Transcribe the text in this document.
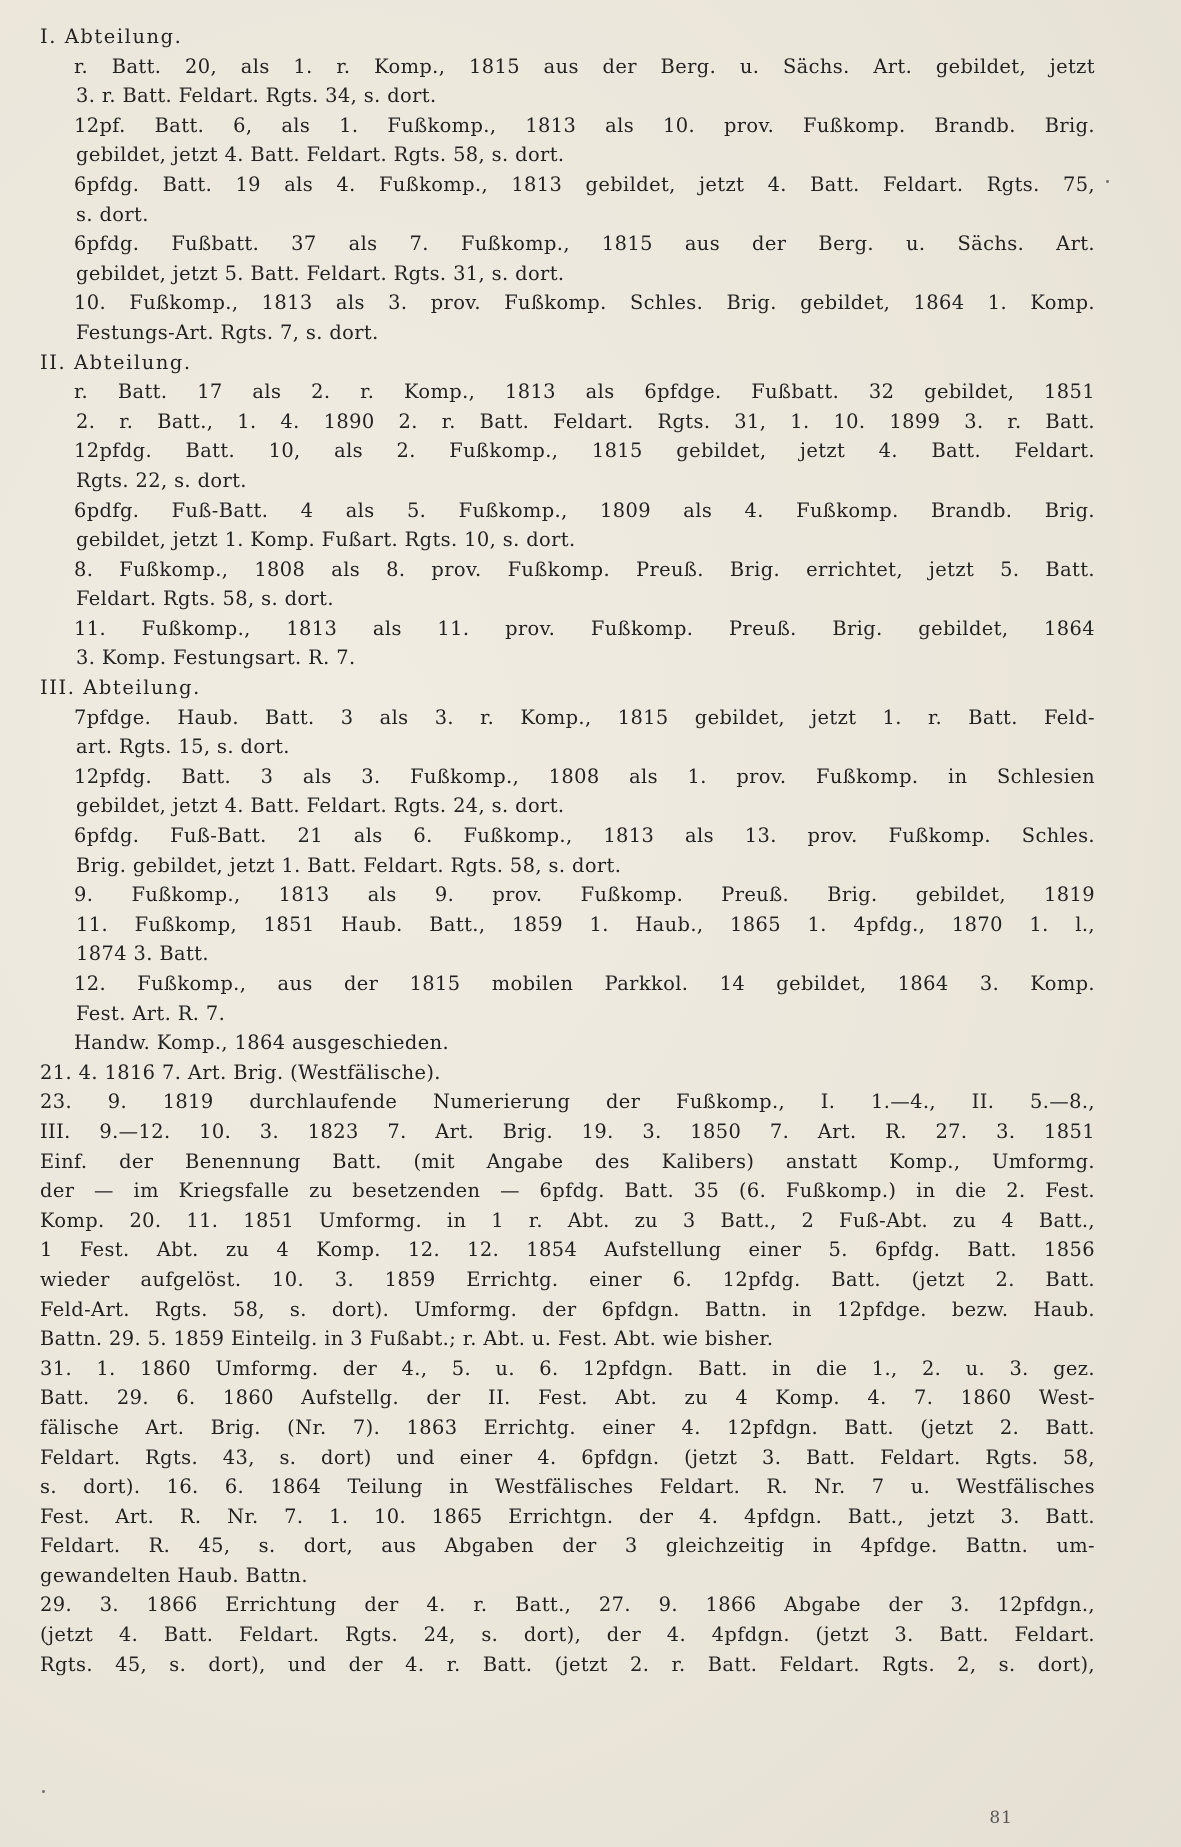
I. Abteilung.
r. Batt. 20, als 1. r. Komp., 1815 aus der Berg. u. Sächs. Art. gebildet, jetzt
3. r. Batt. Feldart. Rgts. 34, s. dort.
12pf. Batt. 6, als 1. Fußkomp., 1813 als 10. prov. Fußkomp. Brandb. Brig.
gebildet, jetzt 4. Batt. Feldart. Rgts. 58, s. dort.
6pfdg. Batt. 19 als 4. Fußkomp., 1813 gebildet, jetzt 4. Batt. Feldart. Rgts. 75,
s. dort.
6pfdg. Fußbatt. 37 als 7. Fußkomp., 1815 aus der Berg. u. Sächs. Art.
gebildet, jetzt 5. Batt. Feldart. Rgts. 31, s. dort.
10. Fußkomp., 1813 als 3. prov. Fußkomp. Schles. Brig. gebildet, 1864 1. Komp.
Festungs-Art. Rgts. 7, s. dort.
II. Abteilung.
r. Batt. 17 als 2. r. Komp., 1813 als 6pfdge. Fußbatt. 32 gebildet, 1851
2. r. Batt., 1. 4. 1890 2. r. Batt. Feldart. Rgts. 31, 1. 10. 1899 3. r. Batt.
12pfdg. Batt. 10, als 2. Fußkomp., 1815 gebildet, jetzt 4. Batt. Feldart.
Rgts. 22, s. dort.
6pdfg. Fuß-Batt. 4 als 5. Fußkomp., 1809 als 4. Fußkomp. Brandb. Brig.
gebildet, jetzt 1. Komp. Fußart. Rgts. 10, s. dort.
8. Fußkomp., 1808 als 8. prov. Fußkomp. Preuß. Brig. errichtet, jetzt 5. Batt.
Feldart. Rgts. 58, s. dort.
11. Fußkomp., 1813 als 11. prov. Fußkomp. Preuß. Brig. gebildet, 1864
3. Komp. Festungsart. R. 7.
III. Abteilung.
7pfdge. Haub. Batt. 3 als 3. r. Komp., 1815 gebildet, jetzt 1. r. Batt. Feld-
art. Rgts. 15, s. dort.
12pfdg. Batt. 3 als 3. Fußkomp., 1808 als 1. prov. Fußkomp. in Schlesien
gebildet, jetzt 4. Batt. Feldart. Rgts. 24, s. dort.
6pfdg. Fuß-Batt. 21 als 6. Fußkomp., 1813 als 13. prov. Fußkomp. Schles.
Brig. gebildet, jetzt 1. Batt. Feldart. Rgts. 58, s. dort.
9. Fußkomp., 1813 als 9. prov. Fußkomp. Preuß. Brig. gebildet, 1819
11. Fußkomp, 1851 Haub. Batt., 1859 1. Haub., 1865 1. 4pfdg., 1870 1. l.,
1874 3. Batt.
12. Fußkomp., aus der 1815 mobilen Parkkol. 14 gebildet, 1864 3. Komp.
Fest. Art. R. 7.
Handw. Komp., 1864 ausgeschieden.
21. 4. 1816 7. Art. Brig. (Westfälische).
23. 9. 1819 durchlaufende Numerierung der Fußkomp., I. 1.—4., II. 5.—8.,
III. 9.—12. 10. 3. 1823 7. Art. Brig. 19. 3. 1850 7. Art. R. 27. 3. 1851
Einf. der Benennung Batt. (mit Angabe des Kalibers) anstatt Komp., Umformg.
der — im Kriegsfalle zu besetzenden — 6pfdg. Batt. 35 (6. Fußkomp.) in die 2. Fest.
Komp. 20. 11. 1851 Umformg. in 1 r. Abt. zu 3 Batt., 2 Fuß-Abt. zu 4 Batt.,
1 Fest. Abt. zu 4 Komp. 12. 12. 1854 Aufstellung einer 5. 6pfdg. Batt. 1856
wieder aufgelöst. 10. 3. 1859 Errichtg. einer 6. 12pfdg. Batt. (jetzt 2. Batt.
Feld-Art. Rgts. 58, s. dort). Umformg. der 6pfdgn. Battn. in 12pfdge. bezw. Haub.
Battn. 29. 5. 1859 Einteilg. in 3 Fußabt.; r. Abt. u. Fest. Abt. wie bisher.
31. 1. 1860 Umformg. der 4., 5. u. 6. 12pfdgn. Batt. in die 1., 2. u. 3. gez.
Batt. 29. 6. 1860 Aufstellg. der II. Fest. Abt. zu 4 Komp. 4. 7. 1860 West-
fälische Art. Brig. (Nr. 7). 1863 Errichtg. einer 4. 12pfdgn. Batt. (jetzt 2. Batt.
Feldart. Rgts. 43, s. dort) und einer 4. 6pfdgn. (jetzt 3. Batt. Feldart. Rgts. 58,
s. dort). 16. 6. 1864 Teilung in Westfälisches Feldart. R. Nr. 7 u. Westfälisches
Fest. Art. R. Nr. 7. 1. 10. 1865 Errichtgn. der 4. 4pfdgn. Batt., jetzt 3. Batt.
Feldart. R. 45, s. dort, aus Abgaben der 3 gleichzeitig in 4pfdge. Battn. um-
gewandelten Haub. Battn.
29. 3. 1866 Errichtung der 4. r. Batt., 27. 9. 1866 Abgabe der 3. 12pfdgn.,
(jetzt 4. Batt. Feldart. Rgts. 24, s. dort), der 4. 4pfdgn. (jetzt 3. Batt. Feldart.
Rgts. 45, s. dort), und der 4. r. Batt. (jetzt 2. r. Batt. Feldart. Rgts. 2, s. dort),
81
